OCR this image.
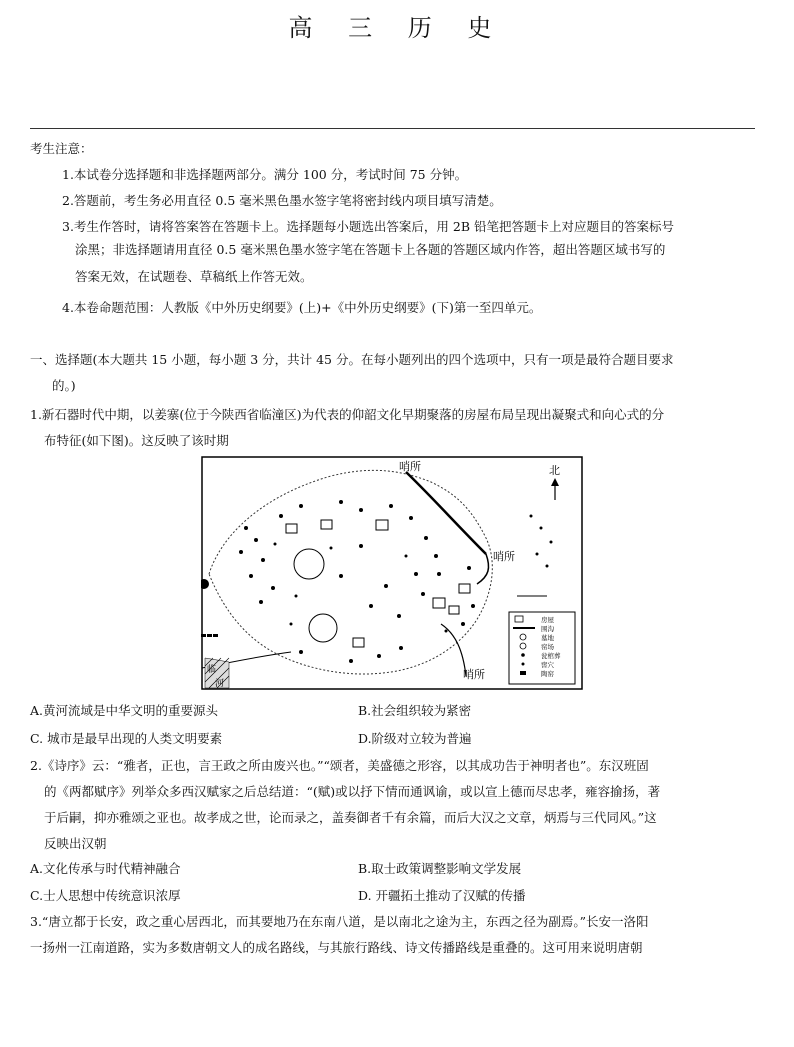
高 三 历 史
考生注意：
1.本试卷分选择题和非选择题两部分。满分 100 分，考试时间 75 分钟。
2.答题前，考生务必用直径 0.5 毫米黑色墨水签字笔将密封线内项目填写清楚。
3.考生作答时，请将答案答在答题卡上。选择题每小题选出答案后，用 2B 铅笔把答题卡上对应题目的答案标号
涂黑；非选择题请用直径 0.5 毫米黑色墨水签字笔在答题卡上各题的答题区域内作答，超出答题区域书写的
答案无效，在试题卷、草稿纸上作答无效。
4.本卷命题范围：人教版《中外历史纲要》(上)+《中外历史纲要》(下)第一至四单元。
一、选择题(本大题共 15 小题，每小题 3 分，共计 45 分。在每小题列出的四个选项中，只有一项是最符合题目要求
的。)
1.新石器时代中期，以姜寨(位于今陕西省临潼区)为代表的仰韶文化早期聚落的房屋布局呈现出凝聚式和向心式的分
布特征(如下图)。这反映了该时期
临
河
哨所
哨所
哨所
北
房屋
围沟
墓地
窑场
瓮棺葬
窖穴
陶窑
A.黄河流域是中华文明的重要源头	B.社会组织较为紧密
C. 城市是最早出现的人类文明要素	D.阶级对立较为普遍
2.《诗序》云：“雅者，正也，言王政之所由废兴也。”“颂者，美盛德之形容，以其成功告于神明者也”。东汉班固
的《两都赋序》列举众多西汉赋家之后总结道：“(赋)或以抒下情而通讽谕，或以宣上德而尽忠孝，雍容揄扬，著
于后嗣，抑亦雅颂之亚也。故孝成之世，论而录之，盖奏御者千有余篇，而后大汉之文章，炳焉与三代同风。”这
反映出汉朝
A.文化传承与时代精神融合	B.取士政策调整影响文学发展
C.士人思想中传统意识浓厚	D. 开疆拓土推动了汉赋的传播
3.“唐立都于长安，政之重心居西北，而其要地乃在东南八道，是以南北之途为主，东西之径为副焉。”长安一洛阳
一扬州一江南道路，实为多数唐朝文人的成名路线，与其旅行路线、诗文传播路线是重叠的。这可用来说明唐朝
